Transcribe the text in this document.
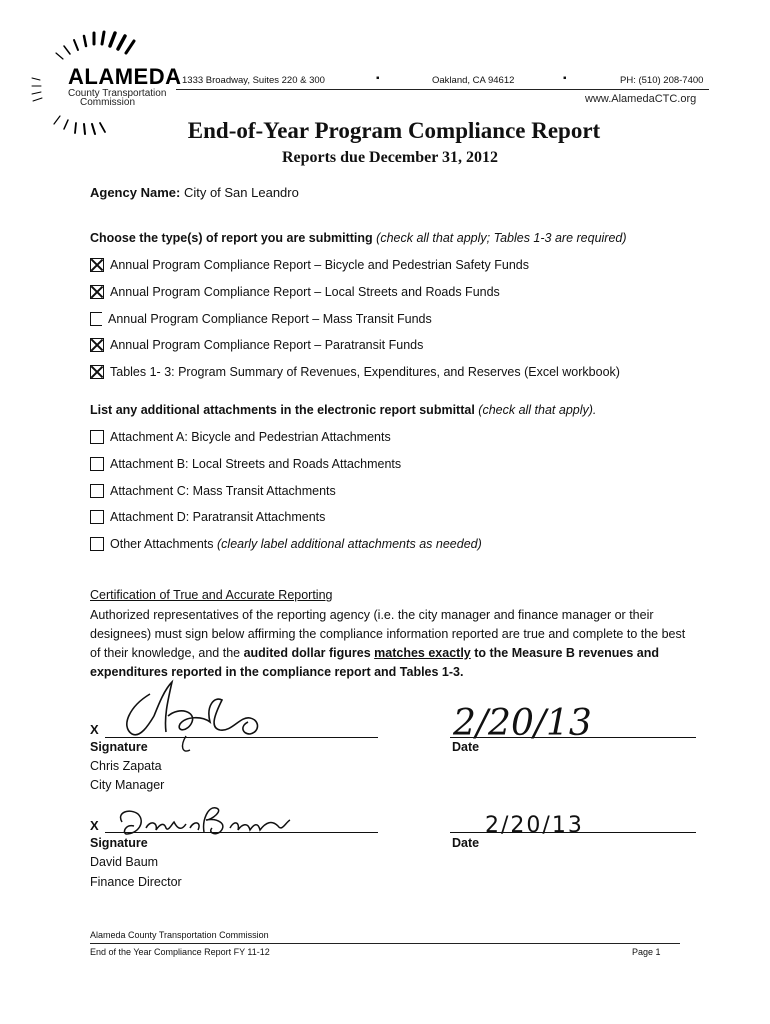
ALAMEDA
County Transportation
Commission
1333 Broadway, Suites 220 & 300	▪	Oakland, CA 94612	▪	PH: (510) 208-7400
www.AlamedaCTC.org
End-of-Year Program Compliance Report
Reports due December 31, 2012
Agency Name: City of San Leandro
Choose the type(s) of report you are submitting (check all that apply; Tables 1-3 are required)
Annual Program Compliance Report – Bicycle and Pedestrian Safety Funds
Annual Program Compliance Report – Local Streets and Roads Funds
Annual Program Compliance Report – Mass Transit Funds
Annual Program Compliance Report – Paratransit Funds
Tables 1- 3: Program Summary of Revenues, Expenditures, and Reserves (Excel workbook)
List any additional attachments in the electronic report submittal (check all that apply).
Attachment A: Bicycle and Pedestrian Attachments
Attachment B: Local Streets and Roads Attachments
Attachment C: Mass Transit Attachments
Attachment D: Paratransit Attachments
Other Attachments
(clearly label additional attachments as needed)
Certification of True and Accurate Reporting
Authorized representatives of the reporting agency (i.e. the city manager and finance manager or their designees) must sign below affirming the compliance information reported are true and complete to the best of their knowledge, and the audited dollar figures matches exactly to the Measure B revenues and expenditures reported in the compliance report and Tables 1-3.
X
Signature
Chris Zapata
City Manager
2/20/13
Date
X
Signature
David Baum
Finance Director
2/20/13
Date
Alameda County Transportation Commission
End of the Year Compliance Report FY 11-12	Page 1
